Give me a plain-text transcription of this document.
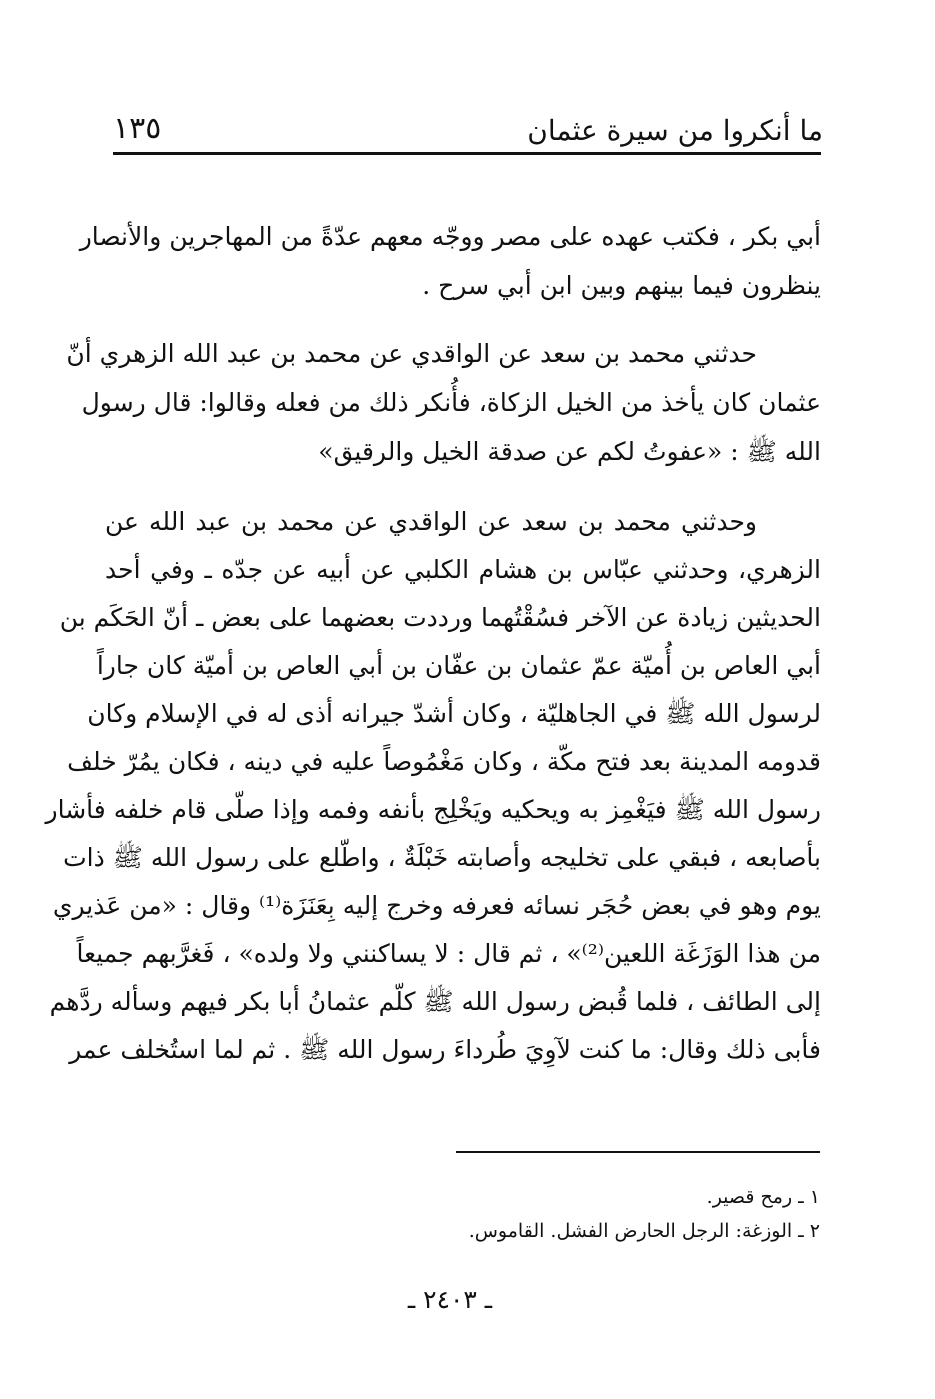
ما أنكروا من سيرة عثمان
١٣٥
أبي بكر ، فكتب عهده على مصر ووجّه معهم عدّةً من المهاجرين والأنصار
ينظرون فيما بينهم وبين ابن أبي سرح .
حدثني محمد بن سعد عن الواقدي عن محمد بن عبد الله الزهري أنّ
عثمان كان يأخذ من الخيل الزكاة، فأُنكر ذلك من فعله وقالوا: قال رسول
الله ﷺ : «عفوتُ لكم عن صدقة الخيل والرقيق»
وحدثني محمد بن سعد عن الواقدي عن محمد بن عبد الله عن
الزهري، وحدثني عبّاس بن هشام الكلبي عن أبيه عن جدّه ـ وفي أحد
الحديثين زيادة عن الآخر فسُقْتُهما ورددت بعضهما على بعض ـ أنّ الحَكَم بن
أبي العاص بن أُميّة عمّ عثمان بن عفّان بن أبي العاص بن أميّة كان جاراً
لرسول الله ﷺ في الجاهليّة ، وكان أشدّ جيرانه أذى له في الإسلام وكان
قدومه المدينة بعد فتح مكّة ، وكان مَغْمُوصاً عليه في دينه ، فكان يمُرّ خلف
رسول الله ﷺ فيَغْمِز به ويحكيه ويَخْلِج بأنفه وفمه وإذا صلّى قام خلفه فأشار
بأصابعه ، فبقي على تخليجه وأصابته خَبْلَةٌ ، واطّلع على رسول الله ﷺ ذات
يوم وهو في بعض حُجَر نسائه فعرفه وخرج إليه بِعَنَزَة⁽¹⁾ وقال : «من عَذيري
من هذا الوَزَغَة اللعين⁽²⁾» ، ثم قال : لا يساكنني ولا ولده» ، فَغرَّبهم جميعاً
إلى الطائف ، فلما قُبض رسول الله ﷺ كلّم عثمانُ أبا بكر فيهم وسأله ردَّهم
فأبى ذلك وقال: ما كنت لآوِيَ طُرداءَ رسول الله ﷺ . ثم لما استُخلف عمر
١ ـ رمح قصير.
٢ ـ الوزغة: الرجل الحارض الفشل. القاموس.
ـ ٢٤٠٣ ـ
